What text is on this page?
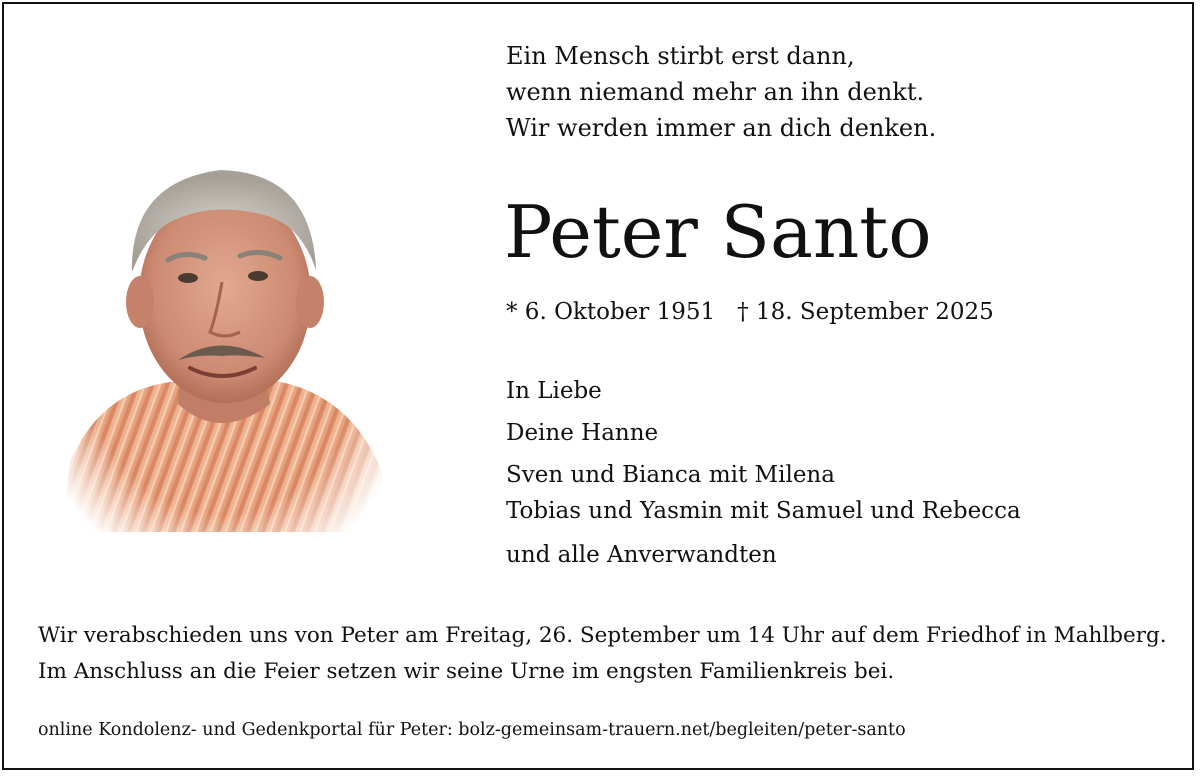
Ein Mensch stirbt erst dann,
wenn niemand mehr an ihn denkt.
Wir werden immer an dich denken.
Peter Santo
* 6. Oktober 1951 † 18. September 2025
In Liebe
Deine Hanne
Sven und Bianca mit Milena
Tobias und Yasmin mit Samuel und Rebecca
und alle Anverwandten
Wir verabschieden uns von Peter am Freitag, 26. September um 14 Uhr auf dem Friedhof in Mahlberg.
Im Anschluss an die Feier setzen wir seine Urne im engsten Familienkreis bei.
online Kondolenz- und Gedenkportal für Peter: bolz-gemeinsam-trauern.net/begleiten/peter-santo
